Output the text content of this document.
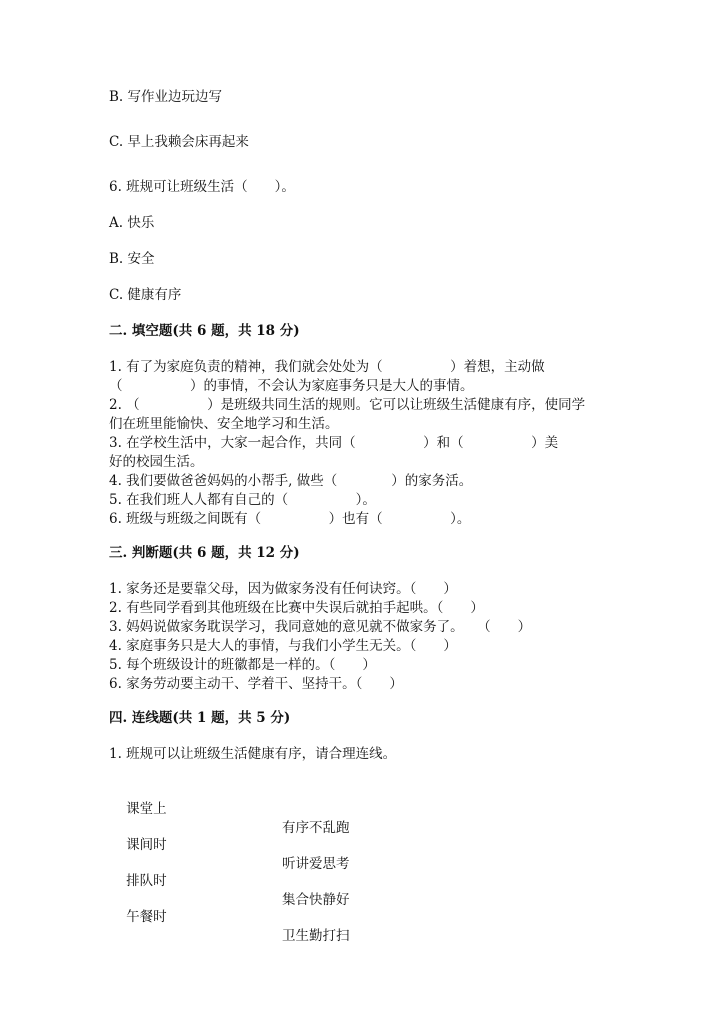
B. 写作业边玩边写
C. 早上我赖会床再起来
6. 班规可让班级生活（　　）。
A. 快乐
B. 安全
C. 健康有序
二. 填空题(共 6 题，共 18 分)
1. 有了为家庭负责的精神，我们就会处处为（　　　　　）着想，主动做
（　　　　　）的事情，不会认为家庭事务只是大人的事情。
2. （　　　　　）是班级共同生活的规则。它可以让班级生活健康有序，使同学
们在班里能愉快、安全地学习和生活。
3. 在学校生活中，大家一起合作，共同（　　　　　）和（　　　　　）美
好的校园生活。
4. 我们要做爸爸妈妈的小帮手, 做些（　　　　）的家务活。
5. 在我们班人人都有自己的（　　　　　）。
6. 班级与班级之间既有（　　　　　）也有（　　　　　）。
三. 判断题(共 6 题，共 12 分)
1. 家务还是要靠父母，因为做家务没有任何诀窍。（　　）
2. 有些同学看到其他班级在比赛中失误后就拍手起哄。（　　）
3. 妈妈说做家务耽误学习，我同意她的意见就不做家务了。　　（　　）
4. 家庭事务只是大人的事情，与我们小学生无关。（　　）
5. 每个班级设计的班徽都是一样的。（　　）
6. 家务劳动要主动干、学着干、坚持干。（　　）
四. 连线题(共 1 题，共 5 分)
1. 班规可以让班级生活健康有序，请合理连线。

课堂上

有序不乱跑

课间时

听讲爱思考

排队时

集合快静好

午餐时

卫生勤打扫
